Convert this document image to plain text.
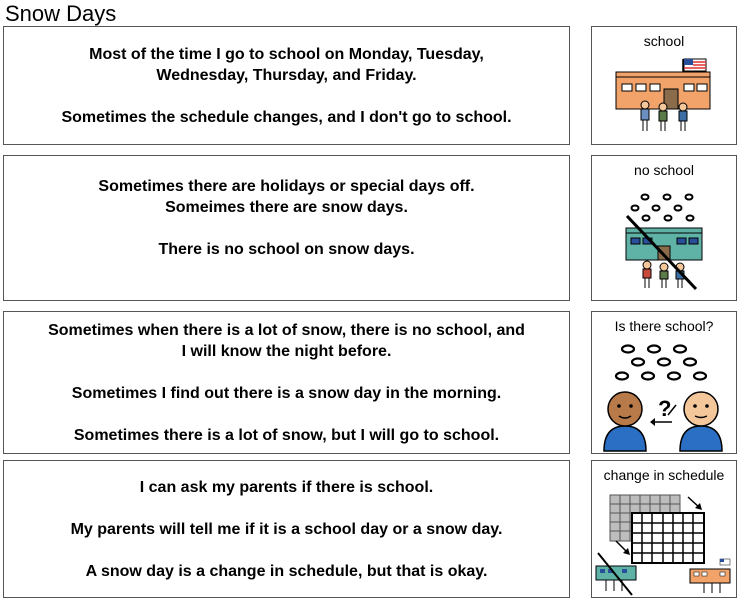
Snow Days

Most of the time I go to school on Monday, Tuesday,

Wednesday, Thursday, and Friday.

Sometimes the schedule changes, and I don't go to school.

school

Sometimes there are holidays or special days off.

Someimes there are snow days.

There is no school on snow days.

no school

Sometimes when there is a lot of snow, there is no school, and

I will know the night before.

Sometimes I find out there is a snow day in the morning.

Sometimes there is a lot of snow, but I will go to school.

?
Is there school?

I can ask my parents if there is school.

My parents will tell me if it is a school day or a snow day.

A snow day is a change in schedule, but that is okay.

change in schedule
